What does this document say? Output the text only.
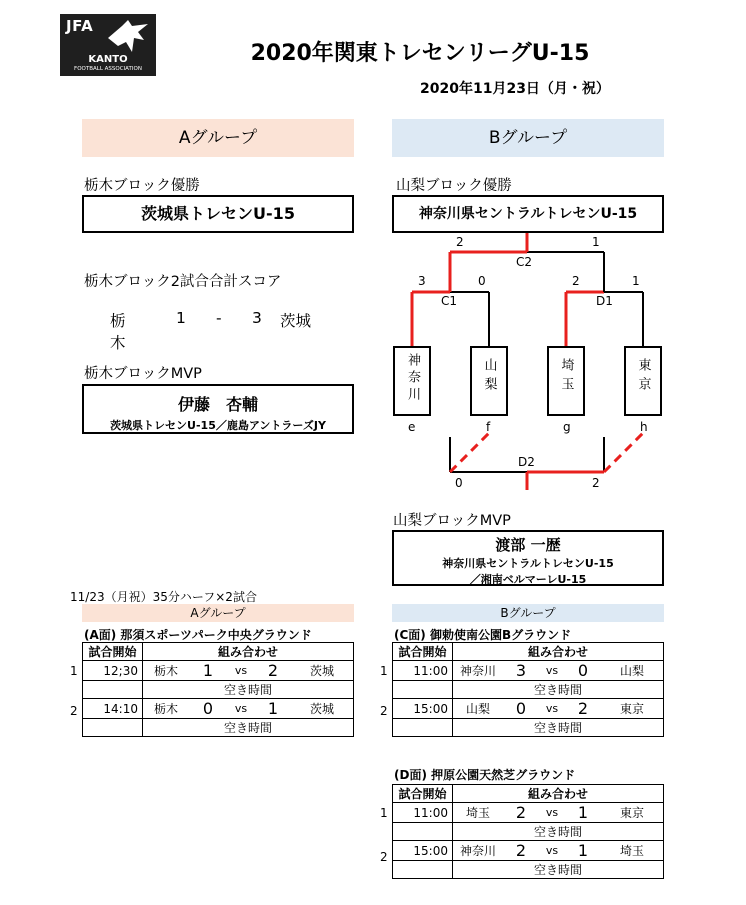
JFA
KANTO
FOOTBALL ASSOCIATION
2020年関東トレセンリーグU-15
2020年11月23日（月・祝）
Aグループ
栃木ブロック優勝
茨城県トレセンU-15
栃木ブロック2試合合計スコア
栃木
1 - 3 茨城
栃木ブロックMVP
伊藤　杏輔
茨城県トレセンU-15／鹿島アントラーズJY
Bグループ
山梨ブロック優勝
神奈川県セントラルトレセンU-15
2	1
C2
3	0
C1
2	1
D1
D2
0	2
神奈川	山梨	埼玉	東京
e	f	g	h
山梨ブロックMVP
渡部 一歴
神奈川県セントラルトレセンU-15
／湘南ベルマーレU-15
11/23（月祝）35分ハーフ×2試合
Aグループ
(A面) 那須スポーツパーク中央グラウンド
試合開始	組み合わせ
12;30	栃木 1 vs 2 茨城

	空き時間
14:10	栃木 0 vs 1 茨城

	空き時間
1
2
Bグループ
(C面) 御勅使南公園Bグラウンド
試合開始	組み合わせ
11:00	神奈川 3 vs 0 山梨

	空き時間
15:00	山梨 0 vs 2 東京

	空き時間
1
2
(D面) 押原公園天然芝グラウンド
試合開始	組み合わせ
11:00	埼玉 2 vs 1 東京

	空き時間
15:00	神奈川 2 vs 1 埼玉

	空き時間
1
2
